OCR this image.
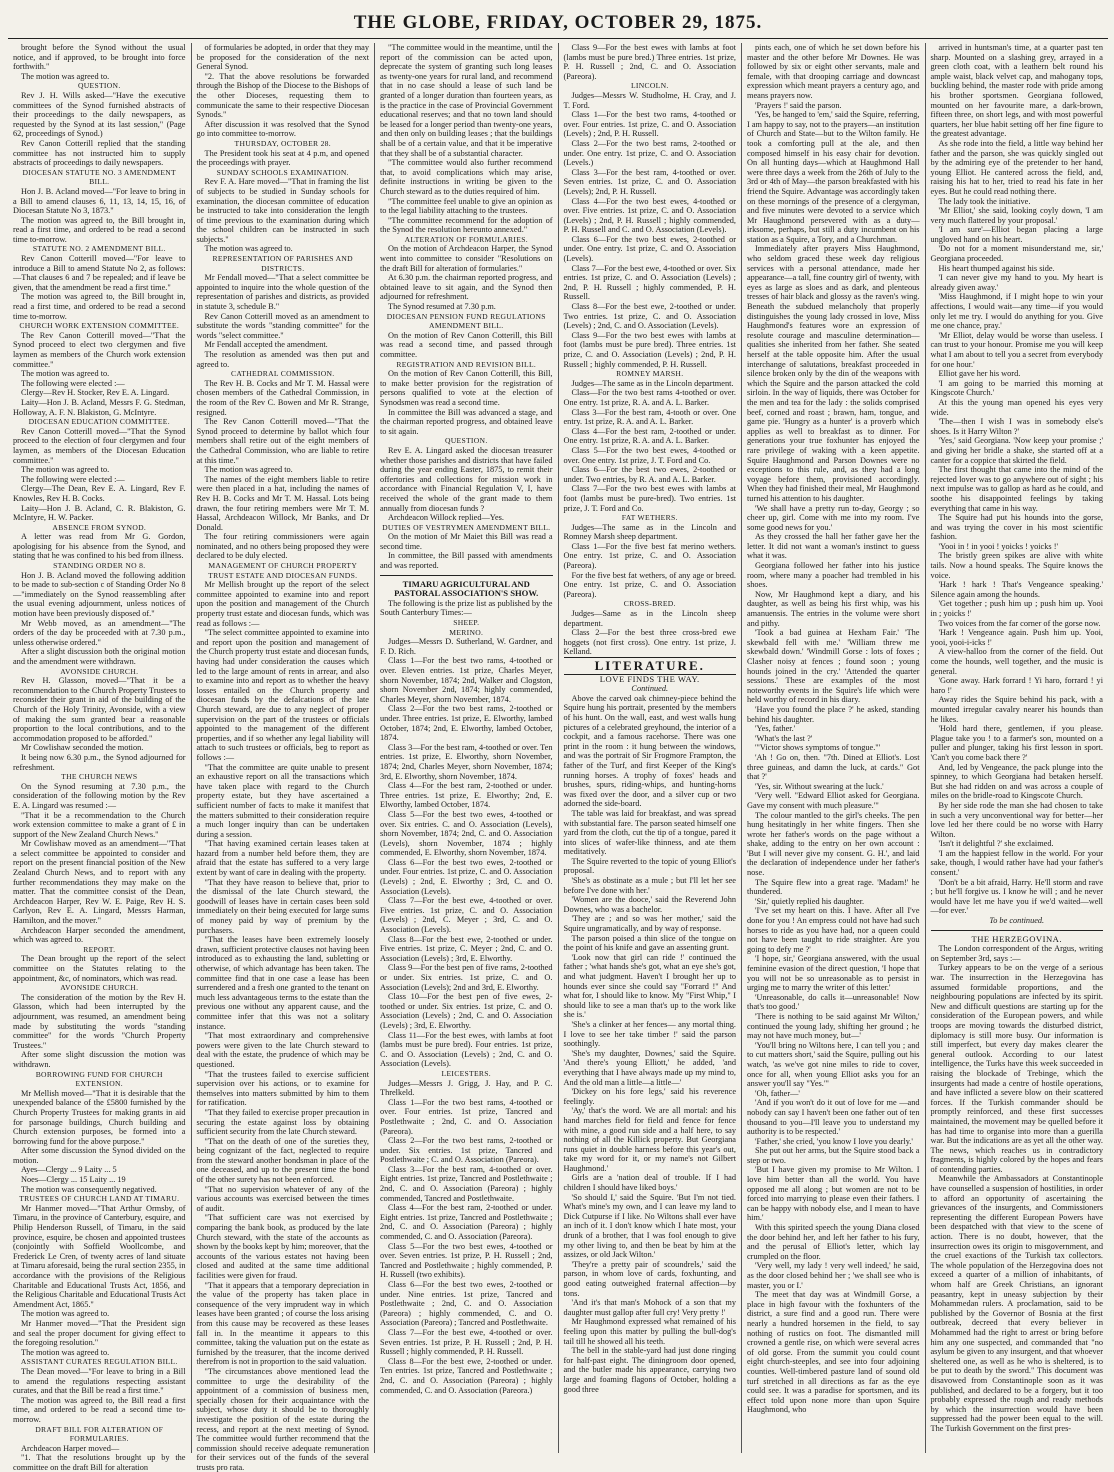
THE GLOBE, FRIDAY, OCTOBER 29, 1875.

brought before the Synod without the usual notice, and if approved, to be brought into force forthwith."

The motion was agreed to.

QUESTION.

Rev J. H. Wills asked—"Have the executive committees of the Synod furnished abstracts of their proceedings to the daily newspapers, as requested by the Synod at its last session," (Page 62, proceedings of Synod.)

Rev Canon Cotterill replied that the standing committee has not instructed him to supply abstracts of proceedings to daily newspapers.

DIOCESAN STATUTE NO. 3 AMENDMENT BILL.

Hon J. B. Acland moved—"For leave to bring in a Bill to amend clauses 6, 11, 13, 14, 15, 16, of Diocesan Statute No 3, 1873."

The motion was agreed to, the Bill brought in, read a first time, and ordered to be read a second time to-morrow.

STATUTE NO. 2 AMENDMENT BILL.

Rev Canon Cotterill moved—"For leave to introduce a Bill to amend Statute No 2, as follows:—That clauses 6 and 7 be repealed; and if leave be given, that the amendment be read a first time."

The motion was agreed to, the Bill brought in, read a first time, and ordered to be read a second time to-morrow.

CHURCH WORK EXTENSION COMMITTEE.

The Rev Canon Cotterill moved—"That the Synod proceed to elect two clergymen and five laymen as members of the Church work extension committee."

The motion was agreed to.

The following were elected :—

Clergy—Rev H. Stocker, Rev E. A. Lingard.

Laity—Hon J. B. Acland, Messrs F. G. Stedman, Holloway, A. F. N. Blakiston, G. McIntyre.

DIOCESAN EDUCATION COMMITTEE.

Rev Canon Cotterill moved—"That the Synod proceed to the election of four clergymen and four laymen, as members of the Diocesan Education committee."

The motion was agreed to.

The following were elected :—

Clergy—The Dean, Rev E. A. Lingard, Rev F. Knowles, Rev H. B. Cocks.

Laity—Hon J. B. Acland, C. R. Blakiston, G. McIntyre, H. W. Packer.

ABSENCE FROM SYNOD.

A letter was read from Mr G. Gordon, apologising for his absence from the Synod, and stating that he was confined to his bed from illness.

STANDING ORDER NO 8.

Hon J. B. Acland moved the following addition to be made to sub-section c of Standing Order No 8—"immediately on the Synod reassembling after the usual evening adjournment, unless notices of motion have been previously disposed of."

Mr Webb moved, as an amendment—"The orders of the day be proceeded with at 7.30 p.m., unless otherwise ordered."

After a slight discussion both the original motion and the amendment were withdrawn.

AVONSIDE CHURCH.

Rev H. Glasson, moved—"That it be a recommendation to the Church Property Trustees to reconsider their grant in aid of the building of the Church of the Holy Trinity, Avonside, with a view of making the sum granted bear a reasonable proportion to the local contributions, and to the accommodation proposed to be afforded."

Mr Cowlishaw seconded the motion.

It being now 6.30 p.m., the Synod adjourned for refreshment.

THE CHURCH NEWS

On the Synod resuming at 7.30 p.m., the consideration of the following motion by the Rev E. A. Lingard was resumed :—

"That it be a recommendation to the Church work extension committee to make a grant of £ in support of the New Zealand Church News."

Mr Cowlishaw moved as an amendment—"That a select committee be appointed to consider and report on the present financial position of the New Zealand Church News, and to report with any further recommendations they may make on the matter. That the committee consist of the Dean, Archdeacon Harper, Rev W. E. Paige, Rev H. S. Carlyon, Rev E. A. Lingard, Messrs Harman, Hamilton, and the mover."

Archdeacon Harper seconded the amendment, which was agreed to.

REPORT.

The Dean brought up the report of the select committee on the Statutes relating to the appointment, &c, of nominators, which was read.

AVONSIDE CHURCH.

The consideration of the motion by the Rev H. Glasson, which had been interrupted by the adjournment, was resumed, an amendment being made by substituting the words "standing committee" for the words "Church Property Trustees."

After some slight discussion the motion was withdrawn.

BORROWING FUND FOR CHURCH EXTENSION.

Mr Mellish moved—"That it is desirable that the unexpended balance of the £5800 furnished by the Church Property Trustees for making grants in aid for parsonage buildings, Church building and Church extension purposes, be formed into a borrowing fund for the above purpose."

After some discussion the Synod divided on the motion.

Ayes—Clergy ... 9 Laity ... 5

Noes—Clergy ... 15 Laity ... 19

The motion was consequently negatived.

TRUSTEES OF CHURCH LAND AT TIMARU.

Mr Hanmer moved—"That Arthur Ormsby, of Timaru, in the province of Canterbury, esquire, and Philip Henderson Russell, of Timaru, in the said province, esquire, be chosen and appointed trustees (conjointly with Soffield Woollcombe, and Frederick Le Cren, of twenty acres of land situate at Timaru aforesaid, being the rural section 2355, in accordance with the provisions of the Religious Charitable and Educational Trusts Act, 1856, and the Religious Charitable and Educational Trusts Act Amendment Act, 1865."

The motion was agreed to.

Mr Hanmer moved—"That the President sign and seal the proper document for giving effect to the foregoing resolution."

The motion was agreed to.

ASSISTANT CURATES REGULATION BILL.

The Dean moved—"For leave to bring in a Bill to amend the regulations respecting assistant curates, and that the Bill be read a first time."

The motion was agreed to, the Bill read a first time, and ordered to be read a second time to-morrow.

DRAFT BILL FOR ALTERATION OF FORMULARIES.

Archdeacon Harper moved—

"1. That the resolutions brought up by the committee on the draft Bill for alteration

of formularies be adopted, in order that they may be proposed for the consideration of the next General Synod.

"2. That the above resolutions be forwarded through the Bishop of the Diocese to the Bishops of the other Dioceses, requesting them to communicate the same to their respective Diocesan Synods."

After discussion it was resolved that the Synod go into committee to-morrow.

THURSDAY, OCTOBER 28.

The President took his seat at 4 p.m, and opened the proceedings with prayer.

SUNDAY SCHOOLS EXAMINATION.

Rev F. A. Hare moved—"That in framing the list of subjects to be studied in Sunday schools for examination, the diocesan committee of education be instructed to take into consideration the length of time previous to the examination during which the school children can be instructed in such subjects."

The motion was agreed to.

REPRESENTATION OF PARISHES AND DISTRICTS.

Mr Fendall moved—"That a select committee be appointed to inquire into the whole question of the representation of parishes and districts, as provided in statute 3, schedule B."

Rev Canon Cotterill moved as an amendment to substitute the words "standing committee" for the words "select committee."

Mr Fendall accepted the amendment.

The resolution as amended was then put and agreed to.

CATHEDRAL COMMISSION.

The Rev H. B. Cocks and Mr T. M. Hassal were chosen members of the Cathedral Commission, in the room of the Rev C. Bowen and Mr R. Strange, resigned.

The Rev Canon Cotterill moved—"That the Synod proceed to determine by ballot which four members shall retire out of the eight members of the Cathedral Commission, who are liable to retire at this time."

The motion was agreed to.

The names of the eight members liable to retire were then placed in a hat, including the names of Rev H. B. Cocks and Mr T. M. Hassal. Lots being drawn, the four retiring members were Mr T. M. Hassal, Archdeacon Willock, Mr Banks, and Dr Donald.

The four retiring commissioners were again nominated, and no others being proposed they were declared to be duly elected.

MANAGEMENT OF CHURCH PROPERTY TRUST ESTATE AND DIOCESAN FUNDS.

Mr Mellish brought up the report of the select committee appointed to examine into and report upon the position and management of the Church property trust estate and diocesan funds, which was read as follows :—

"The select committee appointed to examine into and report upon the position and management of the Church property trust estate and diocesan funds, having had under consideration the causes which led to the large amount of rents in arrear, and also to examine into and report as to whether the heavy losses entailed on the Church property and diocesan funds by the defalcations of the late Church steward, are due to any neglect of proper supervision on the part of the trustees or officials appointed to the management of the different properties, and if so whether any legal liability will attach to such trustees or officials, beg to report as follows :—

"That the committee are quite unable to present an exhaustive report on all the transactions which have taken place with regard to the Church property estate, but they have ascertained a sufficient number of facts to make it manifest that the matters submitted to their consideration require a much longer inquiry than can be undertaken during a session.

"That having examined certain leases taken at hazard from a number held before them, they are afraid that the estate has suffered to a very large extent by want of care in dealing with the property.

"That they have reason to believe that, prior to the dismissal of the late Church steward, the goodwill of leases have in certain cases been sold immediately on their being executed for large sums of money paid by way of premium by the purchasers.

"That the leases have been extremely loosely drawn, sufficient protective clauses not having been introduced as to exhausting the land, subletting or otherwise, of which advantage has been taken. The committee find that in one case a lease has been surrendered and a fresh one granted to the tenant on much less advantageous terms to the estate than the previous one without any apparent cause, and the committee infer that this was not a solitary instance.

"That most extraordinary and comprehensive powers were given to the late Church steward to deal with the estate, the prudence of which may be questioned.

"That the trustees failed to exercise sufficient supervision over his actions, or to examine for themselves into matters submitted by him to them for ratification.

"That they failed to exercise proper precaution in securing the estate against loss by obtaining sufficient security from the late Church steward.

"That on the death of one of the sureties they, being cognizant of the fact, neglected to require from the steward another bondsman in place of the one deceased, and up to the present time the bond of the other surety has not been enforced.

"That no supervision whatever of any of the various accounts was exercised between the times of audit.

"That sufficient care was not exercised by comparing the bank book, as produced by the late Church steward, with the state of the accounts as shown by the books kept by him; moreover, that the accounts of the various estates not having been closed and audited at the same time additional facilities were given for fraud.

"That it appears that a temporary depreciation in the value of the property has taken place in consequence of the very imprudent way in which leases have been granted ; of course the loss arising from this cause may be recovered as these leases fall in. In the meantime it appears to this committee, taking the valuation put on the estate as furnished by the treasurer, that the income derived therefrom is not in proportion to the said valuation.

"The circumstances above mentioned lead the committee to urge the desirability of the appointment of a commission of business men, specially chosen for their acquaintance with the subject, whose duty it should be to thoroughly investigate the position of the estate during the recess, and report at the next meeting of Synod. The committee would further recommend that the commission should receive adequate remuneration for their services out of the funds of the several trusts pro rata.

"The committee would in the meantime, until the report of the commission can be acted upon, deprecate the system of granting such long leases as twenty-one years for rural land, and recommend that in no case should a lease of such land be granted of a longer duration than fourteen years, as is the practice in the case of Provincial Government educational reserves; and that no town land should be leased for a longer period than twenty-one years, and then only on building leases ; that the buildings shall be of a certain value, and that it be imperative that they shall be of a substantial character.

"The committee would also further recommend that, to avoid complications which may arise, definite instructions in writing be given to the Church steward as to the duties required of him.

"The committee feel unable to give an opinion as to the legal liability attaching to the trustees.

"The committee recommend for the adoption of the Synod the resolution hereunto annexed."

ALTERATION OF FORMULARIES.

On the motion of Archdeacon Harper, the Synod went into committee to consider "Resolutions on the draft Bill for alteration of formularies."

At 6.30 p.m. the chairman reported progress, and obtained leave to sit again, and the Synod then adjourned for refreshment.

The Synod resumed at 7.30 p.m.

DIOCESAN PENSION FUND REGULATIONS AMENDMENT BILL.

On the motion of Rev Canon Cotterill, this Bill was read a second time, and passed through committee.

REGISTRATION AND REVISION BILL.

On the motion of Rev Canon Cotterill, this Bill, to make better provision for the registration of persons qualified to vote at the election of Synodsmen was read a second time.

In committee the Bill was advanced a stage, and the chairman reported progress, and obtained leave to sit again.

QUESTION.

Rev E. A. Lingard asked the diocesan treasurer whether those parishes and districts that have failed during the year ending Easter, 1875, to remit their offertories and collections for mission work in accordance with Financial Regulation V, I, have received the whole of the grant made to them annually from diocesan funds ?

Archdeacon Willock replied—Yes.

DUTIES OF VESTRYMEN AMENDMENT BILL.

On the motion of Mr Maiet this Bill was read a second time.

In committee, the Bill passed with amendments and was reported.

TIMARU AGRICULTURAL AND PASTORAL ASSOCIATION'S SHOW.

The following is the prize list as published by the South Canterbury Times:—

SHEEP.

MERINO.

Judges—Messrs D. Sutherland, W. Gardner, and F. D. Rich.

Class 1—For the best two rams, 4-toothed or over. Eleven entries. 1st prize, Charles Meyer, shorn November, 1874; 2nd, Walker and Clogston, shorn November 2nd, 1874; highly commended, Charles Meyer, shorn November, 1874.

Class 2—For the two best rams, 2-toothed or under. Three entries. 1st prize, E. Elworthy, lambed October, 1874; 2nd, E. Elworthy, lambed October, 1874.

Class 3—For the best ram, 4-toothed or over. Ten entries. 1st prize, E. Elworthy, shorn November, 1874; 2nd, Charles Meyer, shorn November, 1874; 3rd, E. Elworthy, shorn November, 1874.

Class 4—For the best ram, 2-toothed or under. Three entries. 1st prize, E. Elworthy; 2nd, E. Elworthy, lambed October, 1874.

Class 5—For the best two ewes, 4-toothed or over. Six entries. C. and O. Association (Levels), shorn November, 1874; 2nd, C. and O. Association (Levels), shorn November, 1874 ; highly commended, E. Elworthy, shorn November, 1874.

Class 6—For the best two ewes, 2-toothed or under. Four entries. 1st prize, C. and O. Association (Levels) ; 2nd, E. Elworthy ; 3rd, C. and O. Association (Levels).

Class 7—For the best ewe, 4-toothed or over. Five entries. 1st prize, C. and O. Association (Levels) ; 2nd, C. Meyer ; 3rd, C. and O. Association (Levels).

Class 8—For the best ewe, 2-toothed or under. Five entries. 1st prize, C. Meyer ; 2nd, C. and O. Association (Levels) ; 3rd, E. Elworthy.

Class 9—For the best pen of five rams, 2-toothed or under. Six entries. 1st prize, C. and O. Association (Levels); 2nd and 3rd, E. Elworthy.

Class 10—For the best pen of five ewes, 2-toothed or under. Six entries. 1st prize, C. and O. Association (Levels) ; 2nd, C. and O. Association (Levels) ; 3rd, E. Elworthy.

Class 11—For the best ewes, with lambs at foot (lambs must be pure bred). Four entries. 1st prize, C. and O. Association (Levels) ; 2nd, C. and O. Association (Levels).

LEICESTERS.

Judges—Messrs J. Grigg, J. Hay, and P. C. Threlkeld.

Class 1—For the two best rams, 4-toothed or over. Four entries. 1st prize, Tancred and Postlethwaite ; 2nd, C. and O. Association (Pareora).

Class 2—For the two best rams, 2-toothed or under. Six entries. 1st prize, Tancred and Postlethwaite ; C. and O. Association (Pareora).

Class 3—For the best ram, 4-toothed or over. Eight entries. 1st prize, Tancred and Postlethwaite ; 2nd, C. and O. Association (Pareora) ; highly commended, Tancred and Postlethwaite.

Class 4—For the best ram, 2-toothed or under. Eight entries. 1st prize, Tancred and Postlethwaite ; 2nd, C. and O. Association (Pareora) ; highly commended, C. and O. Association (Pareora).

Class 5—For the two best ewes, 4-toothed or over. Seven entries. 1st prize, P. H. Russell ; 2nd, Tancred and Postlethwaite ; highly commended, P. H. Russell (two exhibits).

Class 6—For the best two ewes, 2-toothed or under. Nine entries. 1st prize, Tancred and Postlethwaite ; 2nd, C. and O. Association (Pareora) ; highly commended, C. and O. Association (Pareora) ; Tancred and Postlethwaite.

Class 7—For the best ewe, 4-toothed or over. Seven entries. 1st prize, P. H. Russell ; 2nd, P. H. Russell ; highly commended, P. H. Russell.

Class 8—For the best ewe, 2-toothed or under. Ten entries. 1st prize, Tancred and Postlethwaite ; 2nd, C. and O. Association (Pareora) ; highly commended, C. and O. Association (Pareora.)

Class 9—For the best ewes with lambs at foot (lambs must be pure bred.) Three entries. 1st prize, P. H. Russell ; 2nd, C. and O. Association (Pareora).

LINCOLN.

Judges—Messrs W. Studholme, H. Cray, and J. T. Ford.

Class 1—For the best two rams, 4-toothed or over. Four entries. 1st prize, C. and O. Association (Levels) ; 2nd, P. H. Russell.

Class 2—For the two best rams, 2-toothed or under. One entry. 1st prize, C. and O. Association (Levels.)

Class 3—For the best ram, 4-toothed or over. Seven entries. 1st prize, C. and O. Association (Levels); 2nd, P. H. Russell.

Class 4—For the two best ewes, 4-toothed or over. Five entries. 1st prize, C. and O. Association (Levels) ; 2nd, P. H. Russell ; highly commended, P. H. Russell and C. and O. Association (Levels).

Class 6—For the two best ewes, 2-toothed or under. One entry. 1st prize, C. and O. Association (Levels).

Class 7—For the best ewe, 4-toothed or over. Six entries. 1st prize, C. and O. Association (Levels) ; 2nd, P. H. Russell ; highly commended, P. H. Russell.

Class 8—For the best ewe, 2-toothed or under. Two entries. 1st prize, C. and O. Association (Levels) ; 2nd, C. and O. Association (Levels).

Class 9—For the two best ewes with lambs at foot (lambs must be pure bred). Three entries. 1st prize, C. and O. Association (Levels) ; 2nd, P. H. Russell ; highly commended, P. H. Russell.

ROMNEY MARSH.

Judges—The same as in the Lincoln department.

Class—For the two best rams 4-toothed or over. One entry. 1st prize, R. A. and A. L. Barker.

Class 3—For the best ram, 4-tooth or over. One entry. 1st prize, R. A. and A. L. Barker.

Class 4—For the best ram, 2-toothed or under. One entry. 1st prize, R. A. and A. L. Barker.

Class 5—For the two best ewes, 4-toothed or over. One entry. 1st prize, J. T. Ford and Co.

Class 6—For the best two ewes, 2-toothed or under. Two entries, by R. A. and A. L. Barker.

Class 7—For the two best ewes with lambs at foot (lambs must be pure-bred). Two entries. 1st prize, J. T. Ford and Co.

FAT WETHERS.

Judges—The same as in the Lincoln and Romney Marsh sheep department.

Class 1—For the five best fat merino wethers. One entry. 1st prize, C. and O. Association (Pareora).

For the five best fat wethers, of any age or breed. One entry. 1st prize, C. and O. Association (Pareora).

CROSS-BRED.

Judges—Same as in the Lincoln sheep department.

Class 2—For the best three cross-bred ewe hoggets (not first cross). One entry. 1st prize, J. Kelland.

LITERATURE.

LOVE FINDS THE WAY.

Continued.

Above the carved oak chimney-piece behind the Squire hung his portrait, presented by the members of his hunt. On the wall, east, and west walls hung pictures of a celebrated greyhound, the interior of a cockpit, and a famous racehorse. There was one print in the room : it hung between the windows, and was the portrait of Sir Frogmore Frampton, the father of the Turf, and first Keeper of the King's running horses. A trophy of foxes' heads and brushes, spurs, riding-whips, and hunting-horns was fixed over the door, and a silver cup or two adorned the side-board.

The table was laid for breakfast, and was spread with substantial fare. The parson seated himself one yard from the cloth, cut the tip of a tongue, pared it into slices of wafer-like thinness, and ate them meditatively.

The Squire reverted to the topic of young Elliot's proposal.

'She's as obstinate as a mule ; but I'll let her see before I've done with her.'

'Women are the dooce,' said the Reverend John Downes, who was a bachelor.

'They are ; and so was her mother,' said the Squire ungramatically, and by way of response.

The parson poised a thin slice of the tongue on the point of his knife and gave an assenting grunt.

'Look now that girl can ride !' continued the father ; 'what hands she's got, what an eye she's got, and what judgment. Haven't I brought her up to hounds ever since she could say "Forrard !" And what for, I should like to know. My "First Whip," I should like to see a man that's up to the work like she is.'

'She's a clinker at her fences— any mortal thing. I love to see her take timber !' said the parson soothingly.

'She's my daughter, Downes,' said the Squire. 'And there's young Elliott,' he added, 'and everything that I have always made up my mind to, And the old man a little—a little—'

'Dickey on his fore legs,' said his reverence feelingly.

'Ay,' that's the word. We are all mortal: and his hand marches field for field and fence for fence with mine, a good run side and a half here, to say nothing of all the Killick property. But Georgiana runs quiet in double harness before this year's out, take my word for it, or my name's not Gilbert Haughmond.'

Girls are a 'nation deal of trouble. If I had children I should have liked boys.'

'So should I,' said the Squire. 'But I'm not tied. What's mine's my own, and I can leave my land to Dick Cutpurse if I like. No Wiltons shall ever have an inch of it. I don't know which I hate most, your drunk of a brother, that I was fool enough to give my other living to, and then be beat by him at the assizes, or old Jack Wilton.'

'They're a pretty pair of scoundrels,' said the parson, in whom love of cards, foxhunting, and good eating outweighed fraternal affection—by tons.

'And it's that man's Mohock of a son that my daughter must gallop after full cry! Very pretty !'

Mr Haughmond expressed what remained of his feeling upon this matter by pulling the bull-dog's tail till he showed all his teeth.

The bell in the stable-yard had just done ringing for half-past eight. The diningroom door opened, and the butler made his appearance, carrying two large and foaming flagons of October, holding a good three

pints each, one of which he set down before his master and the other before Mr Downes. He was followed by six or eight other servants, male and female, with that drooping carriage and downcast expression which meant prayers a century ago, and means prayers now.

'Prayers !' said the parson.

'Yes, be hanged to 'em,' said the Squire, referring, I am happy to say, not to the prayers—an institution of Church and State—but to the Wilton family. He took a comforting pull at the ale, and then composed himself in his easy chair for devotion. On all hunting days—which at Haughmond Hall were three days a week from the 26th of July to the 3rd or 4th of May—the parson breakfasted with his friend the Squire. Advantage was accordingly taken on these mornings of the presence of a clergyman, and five minutes were devoted to a service which Mr Haughmond persevered with as a duty—irksome, perhaps, but still a duty incumbent on his station as a Squire, a Tory, and a Churchman.

Immediately after prayers Miss Haughmond, who seldom graced these week day religious services with a personal attendance, made her appearance—a tall, fine country girl of twenty, with eyes as large as sloes and as dark, and plenteous tresses of hair black and glossy as the raven's wing. Beneath the subdued melancholy that properly distinguishes the young lady crossed in love, Miss Haughmond's features wore an expression of resolute courage and masculine determination—qualities she inherited from her father. She seated herself at the table opposite him. After the usual interchange of salutations, breakfast proceeded in silence broken only by the din of the weapons with which the Squire and the parson attacked the cold sirloin. In the way of liquids, there was October for the men and tea for the lady : the solids comprised beef, corned and roast ; brawn, ham, tongue, and game pie. 'Hungry as a hunter' is a proverb which applies as well to breakfast as to dinner. For generations your true foxhunter has enjoyed the rare privilege of waking with a keen appetite. Squire Haughmond and Parson Downes were no exceptions to this rule, and, as they had a long voyage before them, provisioned accordingly. When they had finished their meal, Mr Haughmond turned his attention to his daughter.

'We shall have a pretty run to-day, Georgy ; so cheer up, girl. Come with me into my room. I've some good news for you.'

As they crossed the hall her father gave her the letter. It did not want a woman's instinct to guess what it was.

Georgiana followed her father into his justice room, where many a poacher had trembled in his shoes.

Now, Mr Haughmond kept a diary, and his daughter, as well as being his first whip, was his amanuensis. The entries in the volume were short and pithy.

'Took a bad guinea at Hexham Fair.' 'The skewbald fell with me.' 'William threw me skewbald down.' 'Windmill Gorse : lots of foxes ; Clasher noisy at fences ; found soon ; young hounds joined in the cry.' 'Attended the quarter sessions.' These are examples of the most noteworthy events in the Squire's life which were held worthy of record in his diary.

'Have you found the place ?' he asked, standing behind his daughter.

'Yes, father.'

'What's the last ?'

'"Victor shows symptoms of tongue."'

'Ah ! Go on, then. "7th. Dined at Elliot's. Lost three guineas, and damn the luck, at cards." Got that ?'

'Yes, sir. Without swearing at the luck.'

'Very well. "Edward Elliot asked for Georgiana. Gave my consent with much pleasure."'

The colour mantled to the girl's cheeks. The pen hung hesitatingly in her white fingers. Then she wrote her father's words on the page without a shake, adding to the entry on her own account : 'But I will never give my consent. G. H.', and laid the declaration of independence under her father's nose.

The Squire flew into a great rage. 'Madam!' he thundered.

'Sir,' quietly replied his daughter.

'I've set my heart on this. I have. After all I've done for you ! An empress could not have had such horses to ride as you have had, nor a queen could not have been taught to ride straighter. Are you going to defy me ?'

'I hope, sir,' Georgiana answered, with the usual feminine evasion of the direct question, 'I hope that you will not be so unreasonable as to persist in urging me to marry the writer of this letter.'

'Unreasonable, do calls it—unreasonable! Now that's too good.'

'There is nothing to be said against Mr Wilton,' continued the young lady, shifting her ground ; he may not have much money, but—'

'You'll bring no Wiltons here, I can tell you ; and to cut matters short,' said the Squire, pulling out his watch, 'as we've got nine miles to ride to cover, once for all, when young Elliot asks you for an answer you'll say "Yes."'

'Oh, father—'

'And if you won't do it out of love for me —and nobody can say I haven't been one father out of ten thousand to you—I'll leave you to understand my authority is to be respected.'

'Father,' she cried, 'you know I love you dearly.'

She put out her arms, but the Squire stood back a step or two.

'But I have given my promise to Mr Wilton. I love him better than all the world. You have opposed me all along ; but women are not to be forced into marrying to please even their fathers. I can be happy with nobody else, and I mean to have him.'

With this spirited speech the young Diana closed the door behind her, and left her father to his fury, and the perusal of Elliot's letter, which lay crumpled on the floor.

'Very well, my lady ! very well indeed,' he said, as the door closed behind her ; 'we shall see who is master, you or I.'

The meet that day was at Windmill Gorse, a place in high favour with the foxhunters of the district, a sure find and a good run. There were nearly a hundred horsemen in the field, to say nothing of rustics on foot. The dismantled mill crowned a gentle rise, on which were several acres of old gorse. From the summit you could count eight church-steeples, and see into four adjoining counties. Well-timbered pasture land of sound old turf stretched in all directions as far as the eye could see. It was a paradise for sportsmen, and its effect told upon none more than upon Squire Haughmond, who

arrived in huntsman's time, at a quarter past ten sharp. Mounted on a slashing grey, arrayed in a green cloth coat, with a leathern belt round his ample waist, black velvet cap, and mahogany tops, buckling behind, the master rode with pride among his brother sportsmen. Georgiana followed, mounted on her favourite mare, a dark-brown, fifteen three, on short legs, and with most powerful quarters, her blue habit setting off her fine figure to the greatest advantage.

As she rode into the field, a little way behind her father and the parson, she was quickly singled out by the admiring eye of the pretender to her hand, young Elliot. He cantered across the field, and, raising his hat to her, tried to read his fate in her eyes. But he could read nothing there.

The lady took the initiative.

'Mr Elliot,' she said, looking coyly down, 'I am very much flattered by your proposal.'

'I am sure'—Elliot began placing a large ungloved hand on his heart.

'Do not for a moment misunderstand me, sir,' Georgiana proceeded.

His heart thumped against his side.

'I can never give my hand to you. My heart is already given away.'

'Miss Haughmond, if I might hope to win your affections, I would wait—any time—if you would only let me try. I would do anything for you. Give me one chance, pray.'

'Mr Elliot, delay would be worse than useless. I can trust to your honour. Promise me you will keep what I am about to tell you a secret from everybody for one hour.'

Elliot gave her his word.

'I am going to be married this morning at Kingscote Church.'

At this the young man opened his eyes very wide.

'The—then I wish I was in somebody else's shoes. Is it Harry Wilton ?'

'Yes,' said Georgiana. 'Now keep your promise ;' and giving her bridle a shake, she started off at a canter for a coppice that skirted the field.

The first thought that came into the mind of the rejected lover was to go anywhere out of sight ; his next impulse was to gallop as hard as he could, and soothe his disappointed feelings by taking everything that came in his way.

The Squire had put his hounds into the gorse, and was trying the cover in his most scientific fashion.

'Yooi in ! in yooi ! yoicks ! yoicks !'

The bristly green spikes are alive with white tails. Now a hound speaks. The Squire knows the voice.

'Hark ! hark ! That's Vengeance speaking.' Silence again among the hounds.

'Get together ; push him up ; push him up. Yooi in ; yoicks !'

Two voices from the far corner of the gorse now.

'Hark ! Vengeance again. Push him up. Yooi, yooi, yooi-i-icks !'

A view-halloo from the corner of the field. Out come the hounds, well together, and the music is general.

'Gone away. Hark forrard ! Yi haro, forrard ! yi haro !'

Away rides the Squire behind his pack, with a mounted irregular cavalry nearer his hounds than he likes.

'Hold hard there, gentlemen, if you please. Plague take you ! to a farmer's son, mounted on a puller and plunger, taking his first lesson in sport. 'Can't you come back there ?'

And, led by Vengeance, the pack plunge into the spinney, to which Georgiana had betaken herself. But she had ridden on and was across a couple of miles on the bridle-road to Kingscote Church.

By her side rode the man she had chosen to take in such a very unconventional way for better—her love led her there could be no worse with Harry Wilton.

'Isn't it delightful ?' she exclaimed.

'I am the happiest fellow in the world. For your sake, though, I would rather have had your father's consent.'

'Don't be a bit afraid, Harry. He'll storm and rave ; but he'll forgive us. I know he will ; and he never would have let me have you if we'd waited—well—for ever.'

To be continued.

THE HERZEGOVINA.

The London correspondent of the Argus, writing on September 3rd, says :—

Turkey appears to be on the verge of a serious war. The insurrection in the Herzegovina has assumed formidable proportions, and the neighbouring populations are infected by its spirit. New and difficult questions are starting up for the consideration of the European powers, and while troops are moving towards the disturbed district, diplomacy is still more busy. Our information is still imperfect, but every day makes clearer the general outlook. According to our latest intelligence, the Turks have this week succeeded in raising the blockade of Trebinge, which the insurgents had made a centre of hostile operations, and have inflicted a severe blow on their scattered forces. If the Turkish commander should be promptly reinforced, and these first successes maintained, the movement may be quelled before it has had time to organise into more than a guerilla war. But the indications are as yet all the other way. The news, which reaches us in contradictory fragments, is highly colored by the hopes and fears of contending parties.

Meanwhile the Ambassadors at Constantinople have counselled a suspension of hostilities, in order to afford an opportunity of ascertaining the grievances of the insurgents, and Commissioners representing the different European Powers have been despatched with that view to the scene of action. There is no doubt, however, that the insurrection owes its origin to misgovernment, and the cruel exactions of the Turkish tax collectors. The whole population of the Herzegovina does not exceed a quarter of a million of inhabitants, of whom half are Greek Christians, an ignorant peasantry, kept in uneasy subjection by their Mohammedan rulers. A proclamation, said to be published by the Governor of Bosnia at the first outbreak, decreed that every believer in Mohammed had the right to arrest or bring before him any one suspected, and commanded that "no asylum be given to any insurgent, and that whoever sheltered one, as well as he who is sheltered, is to be put to death by the sword." This document was disavowed from Constantinople soon as it was published, and declared to be a forgery, but it too probably expressed the rough and ready methods by which the insurrection would have been suppressed had the power been equal to the will. The Turkish Government on the first pres-
